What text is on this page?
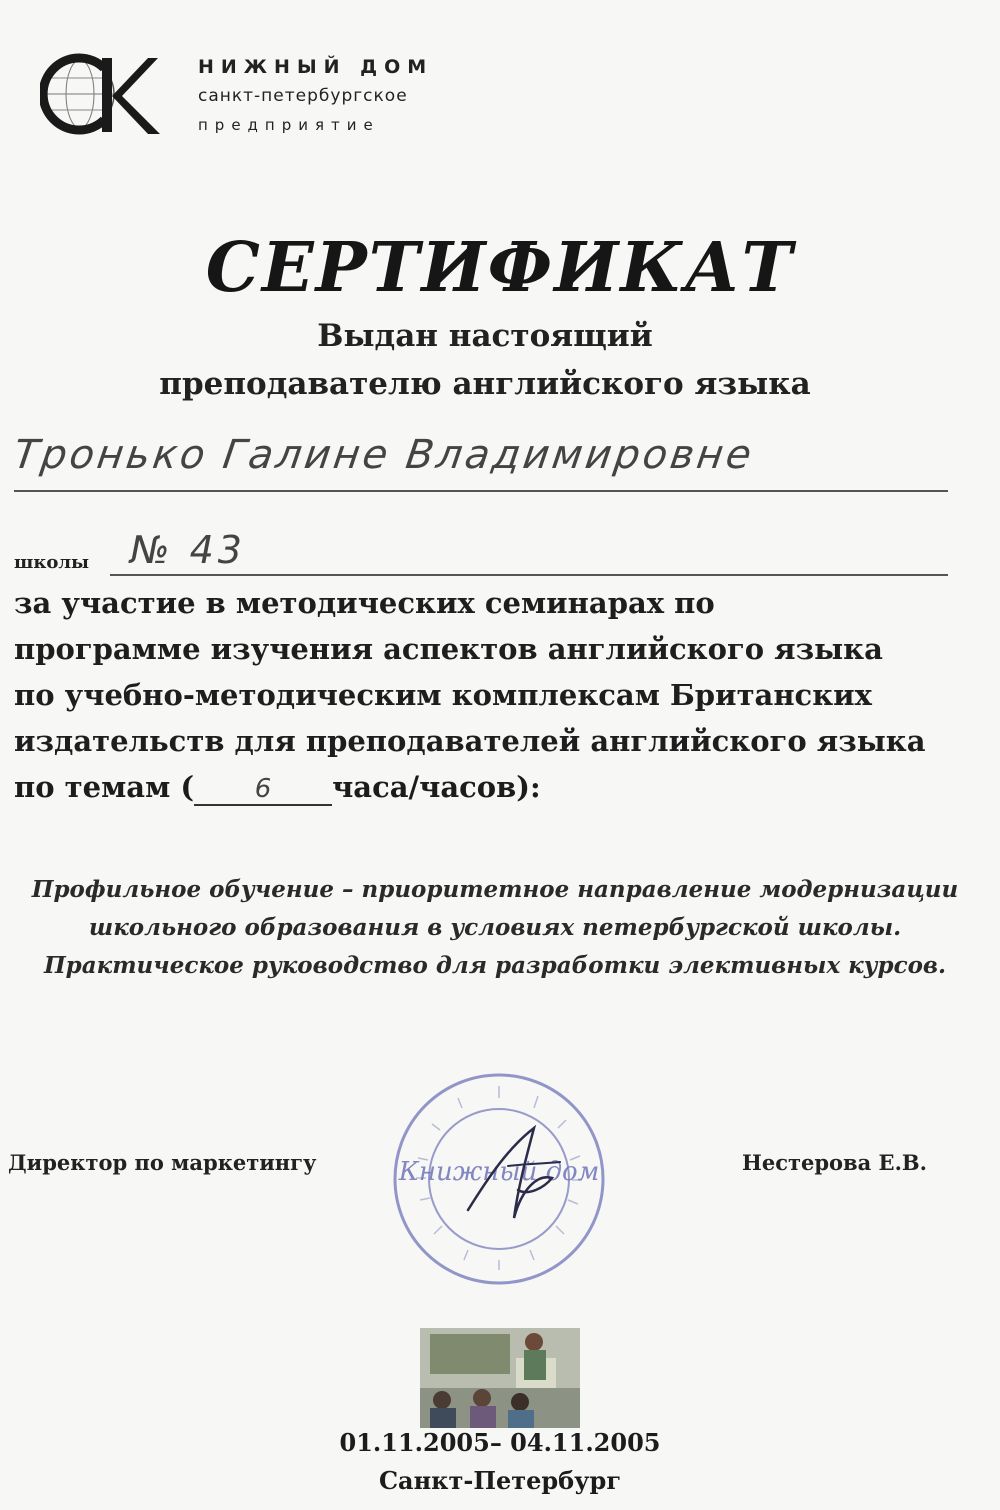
НИЖНЫЙ ДОМ
санкт-петербургское
предприятие
СЕРТИФИКАТ
Выдан настоящий
преподавателю английского языка
Тронько Галине Владимировне
школы № 43
за участие в методических семинарах по
программе изучения аспектов английского языка
по учебно-методическим комплексам Британских
издательств для преподавателей английского языка
по темам ( 6 часа/часов):
Профильное обучение – приоритетное направление модернизации
школьного образования в условиях петербургской школы.
Практическое руководство для разработки элективных курсов.
Директор по маркетингу	Книжный дом	Нестерова Е.В.
01.11.2005– 04.11.2005
Санкт-Петербург
